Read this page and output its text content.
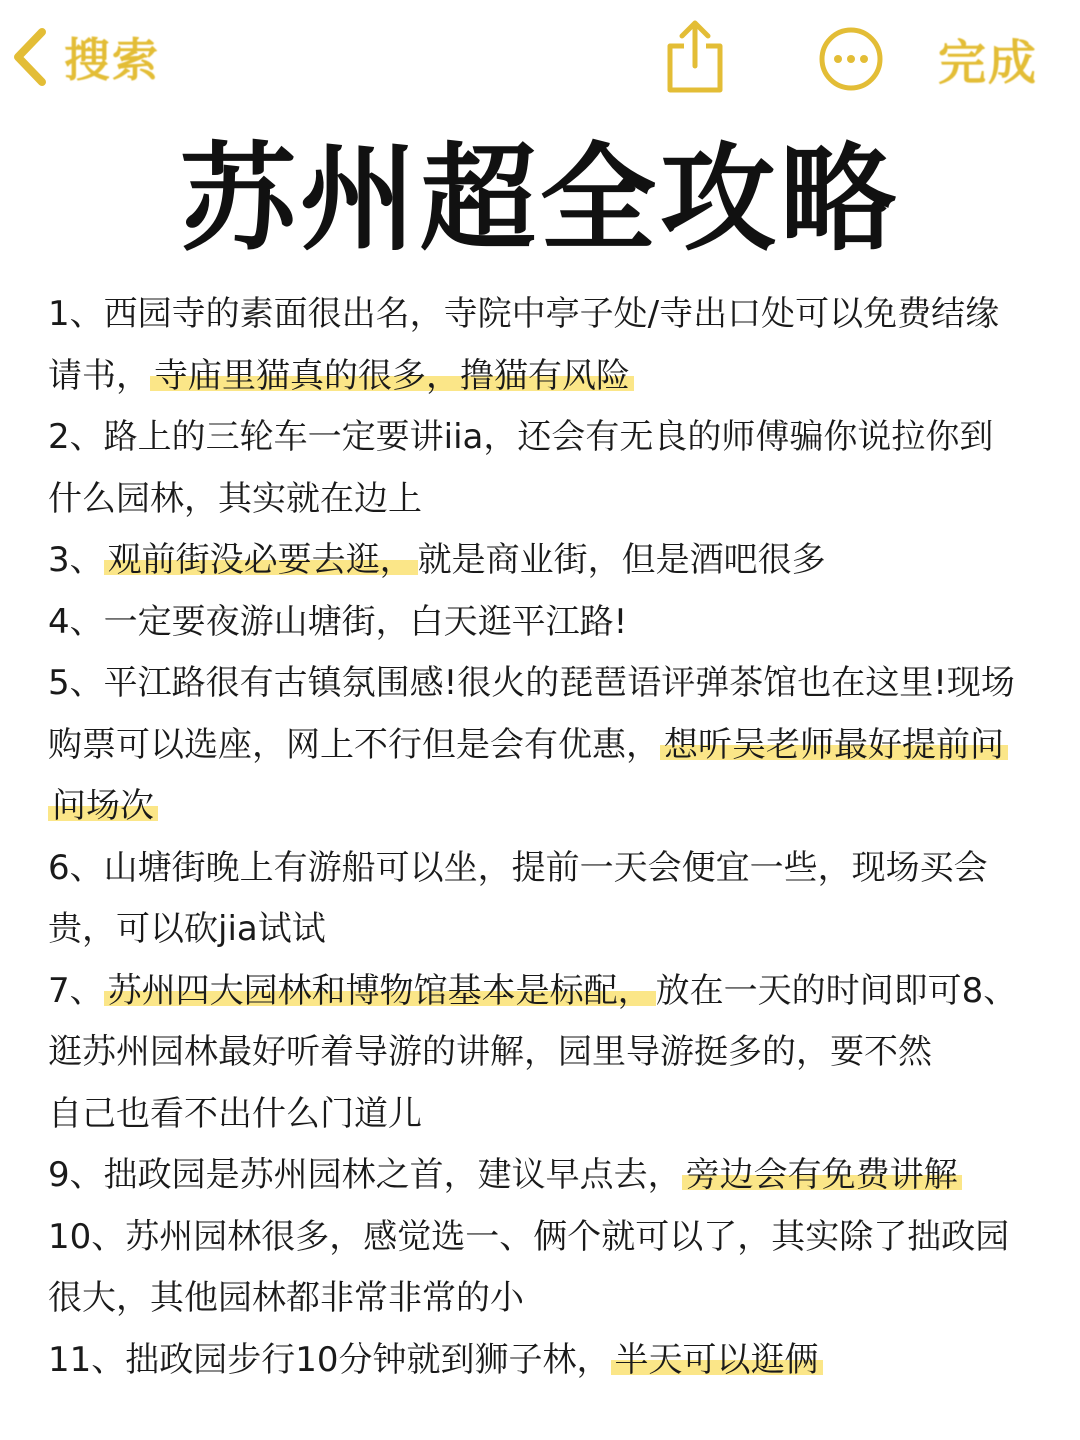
搜索	完成
苏州超全攻略
1、西园寺的素面很出名，寺院中亭子处/寺出口处可以免费结缘
请书， 寺庙里猫真的很多，撸猫有风险
2、路上的三轮车一定要讲iia，还会有无良的师傅骗你说拉你到
什么园林，其实就在边上
3、 观前街没必要去逛， 就是商业街，但是酒吧很多
4、一定要夜游山塘街，白天逛平江路!
5、平江路很有古镇氛围感!很火的琵琶语评弹茶馆也在这里!现场
购票可以选座，网上不行但是会有优惠， 想听吴老师最好提前问
问场次
6、山塘街晚上有游船可以坐，提前一天会便宜一些，现场买会
贵，可以砍jia试试
7、 苏州四大园林和博物馆基本是标配， 放在一天的时间即可8、
逛苏州园林最好听着导游的讲解，园里导游挺多的，要不然
自己也看不出什么门道儿
9、拙政园是苏州园林之首，建议早点去， 旁边会有免费讲解
10、苏州园林很多，感觉选一、俩个就可以了，其实除了拙政园
很大，其他园林都非常非常的小
11、拙政园步行10分钟就到狮子林， 半天可以逛俩
